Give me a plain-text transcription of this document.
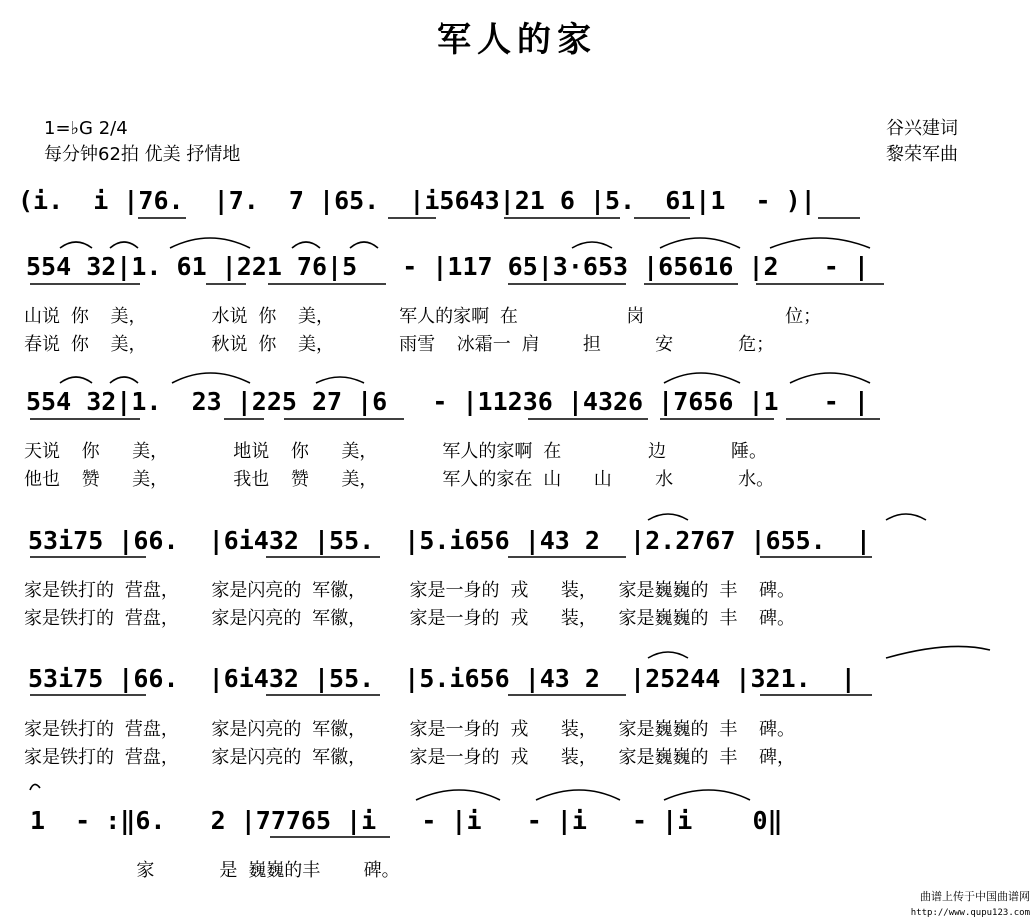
军人的家
1=♭G 2/4
每分钟62拍 优美 抒情地
谷兴建词
黎荣军曲
(i.  i |76.  |7.  7 |65.  |i5643|21 6 |5.  61|1  - )|
554 32|1. 61 |221 76|5   - |117 65|3·653 |65616 |2   - |
山说 你  美，      水说 你  美，      军人的家啊 在          岗             位；
春说 你  美，      秋说 你  美，      雨雪  冰霜一 肩    担     安      危；
554 32|1.  23 |225 27 |6   - |11236 |4326 |7656 |1   - |
天说  你   美，      地说  你   美，      军人的家啊 在        边      陲。
他也  赞   美，      我也  赞   美，      军人的家在 山   山    水      水。
53i75 |66.  |6i432 |55.  |5.i656 |43 2  |2.2767 |655.  |
家是铁打的 营盘，   家是闪亮的 军徽，    家是一身的 戎   装，  家是巍巍的 丰  碑。
家是铁打的 营盘，   家是闪亮的 军徽，    家是一身的 戎   装，  家是巍巍的 丰  碑。
53i75 |66.  |6i432 |55.  |5.i656 |43 2  |25244 |321.  |
家是铁打的 营盘，   家是闪亮的 军徽，    家是一身的 戎   装，  家是巍巍的 丰  碑。
家是铁打的 营盘，   家是闪亮的 军徽，    家是一身的 戎   装，  家是巍巍的 丰  碑，
1  - :‖6.   2 |77765 |i   - |i   - |i   - |i    0‖
家      是 巍巍的丰    碑。
曲谱上传于中国曲谱网
http://www.qupu123.com
